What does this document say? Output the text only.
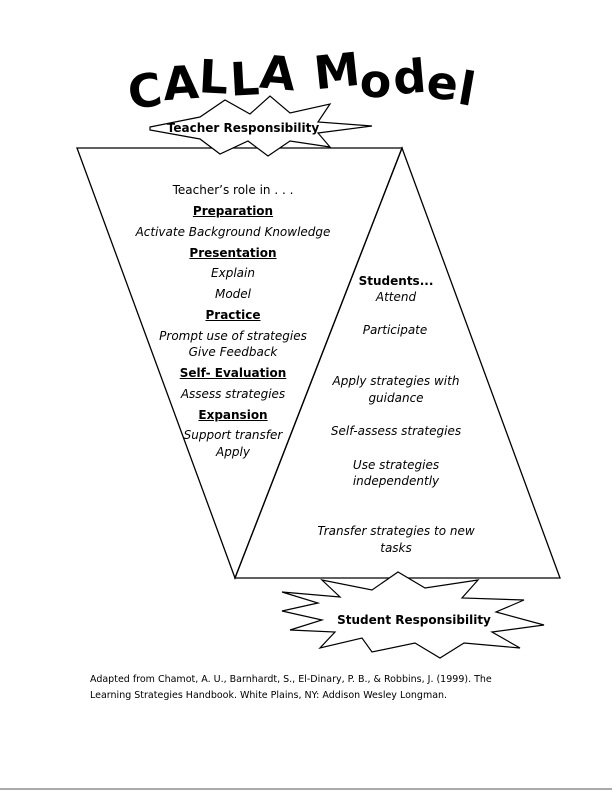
CALLA Model
Teacher Responsibility
Student Responsibility
Teacher’s role in . . .
Preparation
Activate Background Knowledge
Presentation
Explain
Model
Practice
Prompt use of strategies
Give Feedback
Self- Evaluation
Assess strategies
Expansion
Support transfer
Apply
Students...
Attend
Participate
Apply strategies with
guidance
Self-assess strategies
Use strategies
independently
Transfer strategies to new
tasks
Adapted from Chamot, A. U., Barnhardt, S., El-Dinary, P. B., & Robbins, J. (1999). The
Learning Strategies Handbook. White Plains, NY: Addison Wesley Longman.
